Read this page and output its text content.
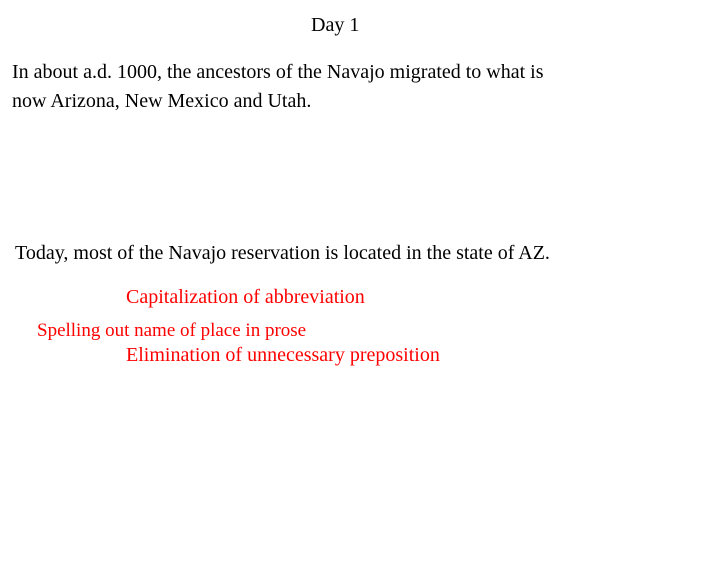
Day 1
In about a.d. 1000, the ancestors of the Navajo migrated to what is
now Arizona, New Mexico and Utah.
Today, most of the Navajo reservation is located in the state of AZ.
Capitalization of abbreviation
Spelling out name of place in prose
Elimination of unnecessary preposition
